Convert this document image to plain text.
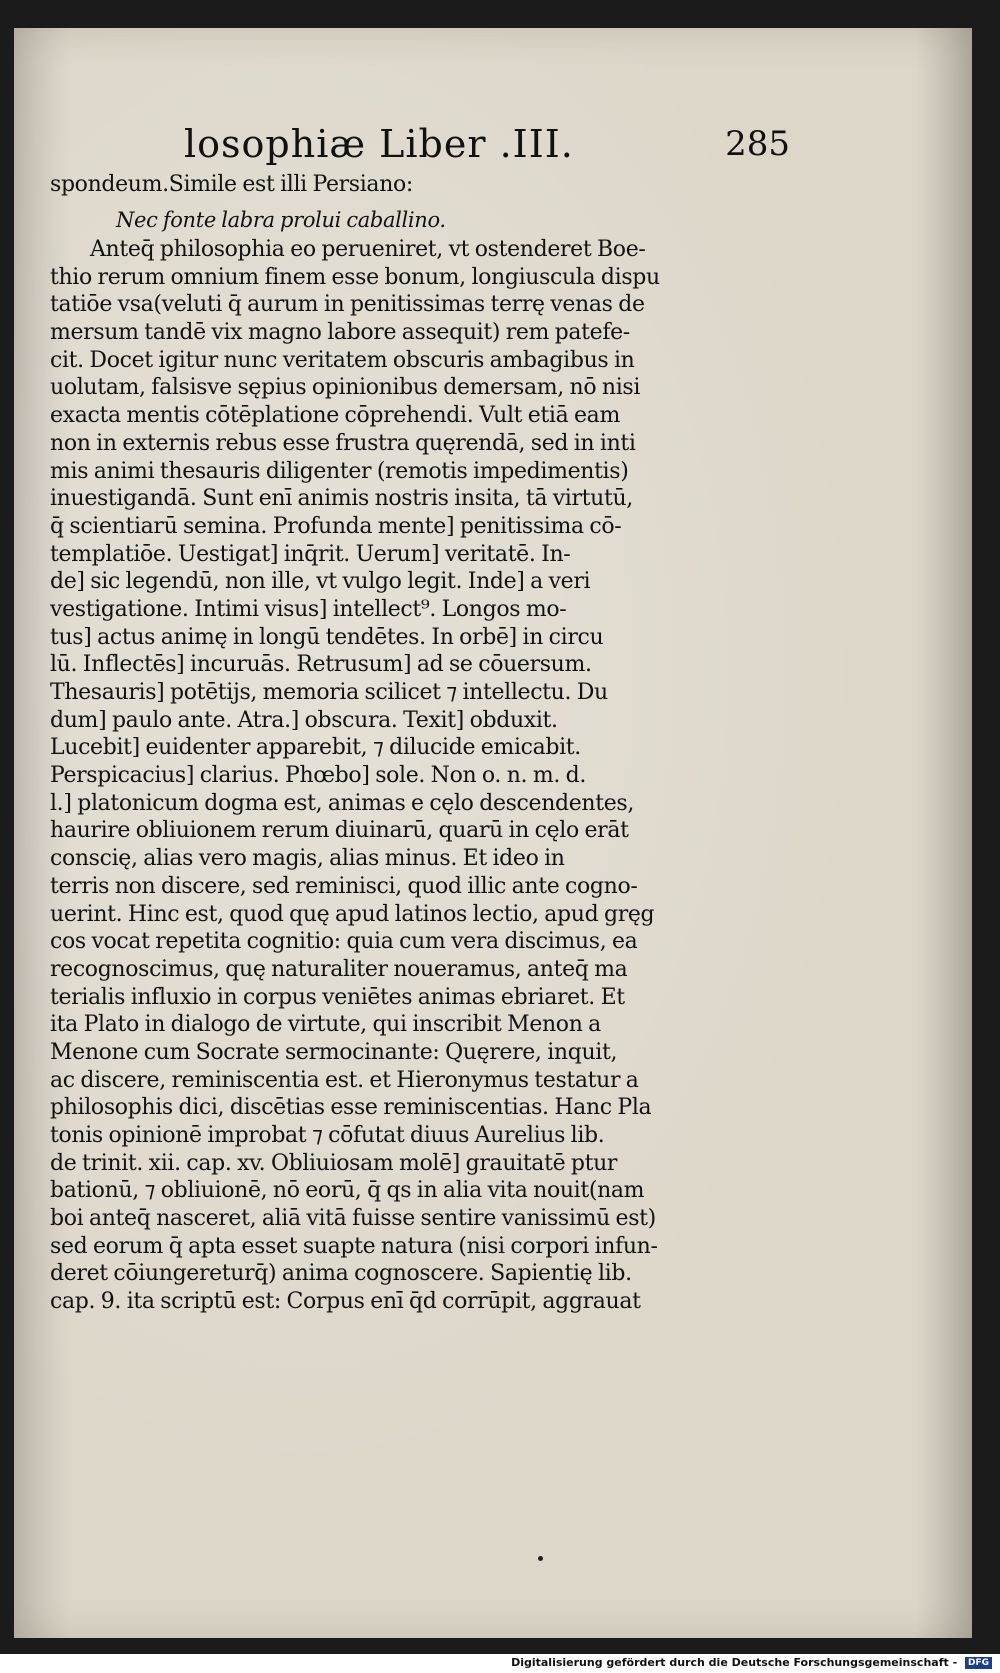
losophiæ Liber .III.	285
spondeum.Simile est illi Persiano:
Nec fonte labra prolui caballino.
Anteq̄ philosophia eo perueniret, vt ostenderet Boe-
thio rerum omnium finem esse bonum, longiuscula dispu
tatiōe vsa(veluti q̄ aurum in penitissimas terrę venas de
mersum tandē vix magno labore assequit) rem patefe-
cit. Docet igitur nunc veritatem obscuris ambagibus in
uolutam, falsisve sępius opinionibus demersam, nō nisi
exacta mentis cōtēplatione cōprehendi. Vult etiā eam
non in externis rebus esse frustra quęrendā, sed in inti
mis animi thesauris diligenter (remotis impedimentis)
inuestigandā. Sunt enī animis nostris insita, tā virtutū,
q̄ scientiarū semina. Profunda mente] penitissima cō-
templatiōe. Uestigat] inq̄rit. Uerum] veritatē. In-
de] sic legendū, non ille, vt vulgo legit. Inde] a veri
vestigatione. Intimi visus] intellect⁹. Longos mo-
tus] actus animę in longū tendētes. In orbē] in circu
lū. Inflectēs] incuruās. Retrusum] ad se cōuersum.
Thesauris] potētijs, memoria scilicet ⁊ intellectu. Du
dum] paulo ante. Atra.] obscura. Texit] obduxit.
Lucebit] euidenter apparebit, ⁊ dilucide emicabit.
Perspicacius] clarius. Phœbo] sole. Non o. n. m. d.
l.] platonicum dogma est, animas e cęlo descendentes,
haurire obliuionem rerum diuinarū, quarū in cęlo erāt
conscię, alias vero magis, alias minus. Et ideo in
terris non discere, sed reminisci, quod illic ante cogno-
uerint. Hinc est, quod quę apud latinos lectio, apud gręg
cos vocat repetita cognitio: quia cum vera discimus, ea
recognoscimus, quę naturaliter noueramus, anteq̄ ma
terialis influxio in corpus veniētes animas ebriaret. Et
ita Plato in dialogo de virtute, qui inscribit Menon a
Menone cum Socrate sermocinante: Quęrere, inquit,
ac discere, reminiscentia est. et Hieronymus testatur a
philosophis dici, discētias esse reminiscentias. Hanc Pla
tonis opinionē improbat ⁊ cōfutat diuus Aurelius lib.
de trinit. xii. cap. xv. Obliuiosam molē] grauitatē ptur
bationū, ⁊ obliuionē, nō eorū, q̄ qs in alia vita nouit(nam
boi anteq̄ nasceret, aliā vitā fuisse sentire vanissimū est)
sed eorum q̄ apta esset suapte natura (nisi corpori infun-
deret cōiungereturq̄) anima cognoscere. Sapientię lib.
cap. 9. ita scriptū est: Corpus enī q̄d corrūpit, aggrauat
Digitalisierung gefördert durch die Deutsche Forschungsgemeinschaft - DFG
